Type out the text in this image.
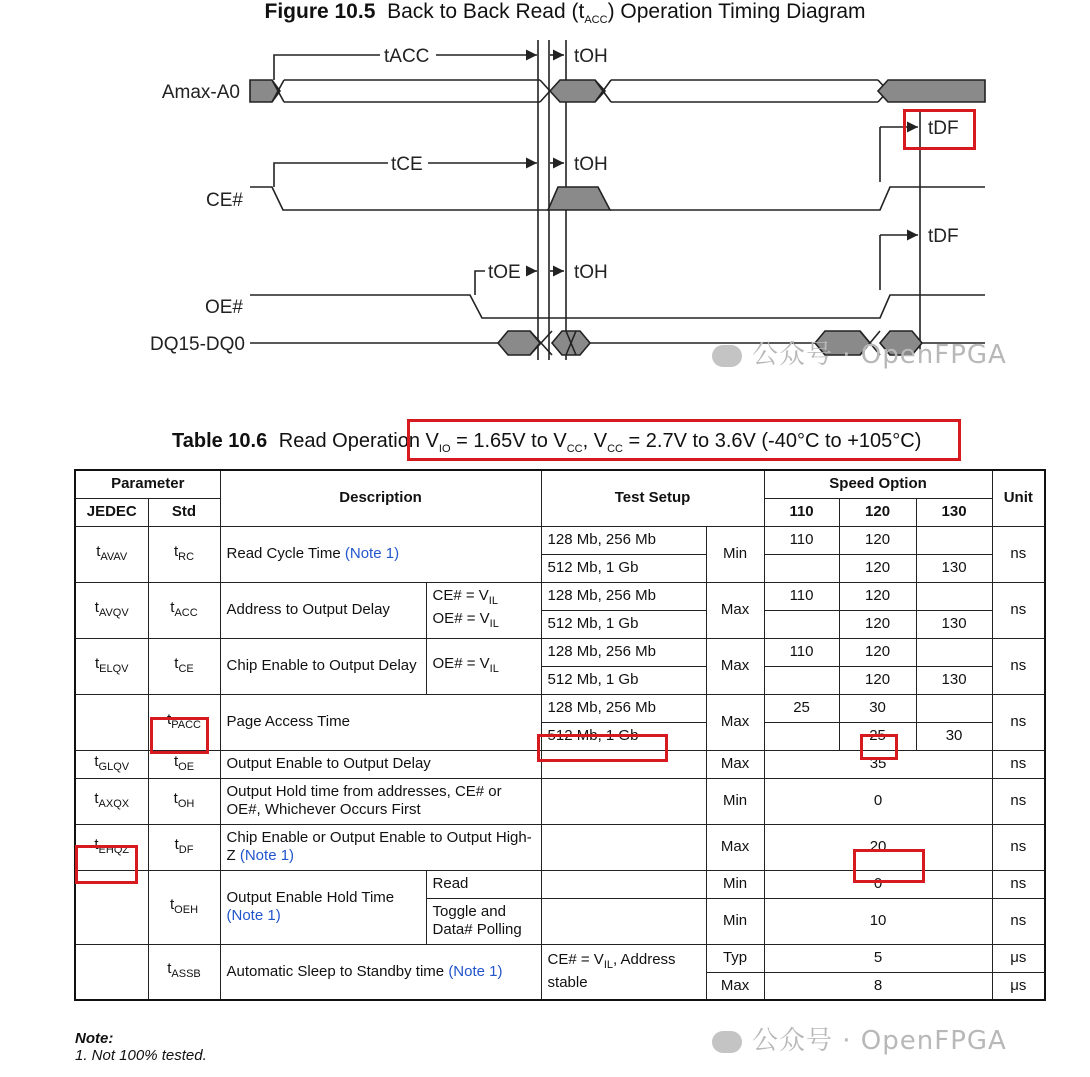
Figure 10.5 Back to Back Read $(t_{ACC})$ Operation Timing Diagram
Amax-A0
CE#
OE#
DQ15-DQ0
tACC	tOH
tDF
tCE	tOH
tDF
tOE	tOH
公众号 · OpenFPGA
Table 10.6 Read Operation $V_{IO} = 1.65V$ to $V_{CC}$, $V_{CC} = 2.7V$ to 3.6V (-40°C to +105°C)
Parameter		Description		Test Setup		Speed Option			Unit
JEDEC	Std					110	120	130	
$t_{AVAV}$	$t_{RC}$	Read Cycle Time (Note 1)		128 Mb, 256 Mb	Min	110	120		ns
				512 Mb, 1 Gb			120	130	
$t_{AVQV}$	$t_{ACC}$	Address to Output Delay	CE# = $V_{IL}$
OE# = $V_{IL}$	128 Mb, 256 Mb	Max	110	120		ns
				512 Mb, 1 Gb			120	130	
$t_{ELQV}$	$t_{CE}$	Chip Enable to Output Delay	OE# = $V_{IL}$	128 Mb, 256 Mb	Max	110	120		ns
				512 Mb, 1 Gb			120	130	
	$t_{PACC}$	Page Access Time		128 Mb, 256 Mb	Max	25	30		ns
				512 Mb, 1 Gb			25	30	
$t_{GLQV}$	$t_{OE}$	Output Enable to Output Delay			Max	35			ns
$t_{AXQX}$	$t_{OH}$	Output Hold time from addresses, CE# or OE#, Whichever Occurs First			Min	0			ns
$t_{EHQZ}$	$t_{DF}$	Chip Enable or Output Enable to Output High-Z (Note 1)			Max	20			ns
	$t_{OEH}$	Output Enable Hold Time (Note 1)	Read		Min	0			ns
			Toggle and Data# Polling		Min	10			ns
	$t_{ASSB}$	Automatic Sleep to Standby time (Note 1)		CE# = $V_{IL}$, Address stable	Typ	5			μs
					Max	8			μs
公众号 · OpenFPGA
Note:
1. Not 100% tested.
